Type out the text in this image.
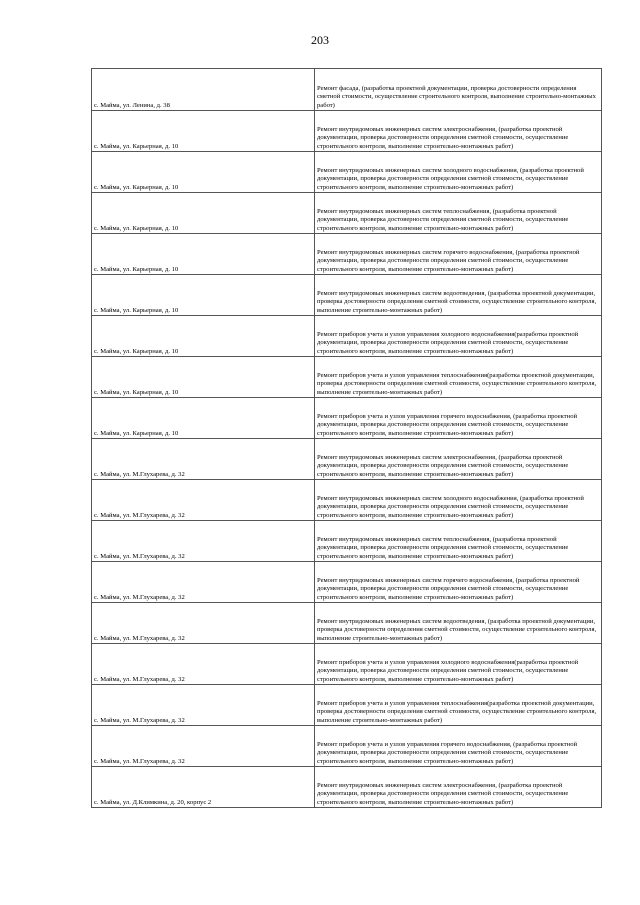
203
с. Майма, ул. Ленина, д. 38	Ремонт фасада, (разработка проектной документации, проверка достоверности определения сметной стоимости, осуществление строительного контроля, выполнение строительно-монтажных работ)
с. Майма, ул. Карьерная, д. 10	Ремонт внутридомовых инженерных систем электроснабжения, (разработка проектной документации, проверка достоверности определения сметной стоимости, осуществление строительного контроля, выполнение строительно-монтажных работ)
с. Майма, ул. Карьерная, д. 10	Ремонт внутридомовых инженерных систем холодного водоснабжения, (разработка проектной документации, проверка достоверности определения сметной стоимости, осуществление строительного контроля, выполнение строительно-монтажных работ)
с. Майма, ул. Карьерная, д. 10	Ремонт внутридомовых инженерных систем теплоснабжения, (разработка проектной документации, проверка достоверности определения сметной стоимости, осуществление строительного контроля, выполнение строительно-монтажных работ)
с. Майма, ул. Карьерная, д. 10	Ремонт внутридомовых инженерных систем горячего водоснабжения, (разработка проектной документации, проверка достоверности определения сметной стоимости, осуществление строительного контроля, выполнение строительно-монтажных работ)
с. Майма, ул. Карьерная, д. 10	Ремонт внутридомовых инженерных систем водоотведения, (разработка проектной документации, проверка достоверности определения сметной стоимости, осуществление строительного контроля, выполнение строительно-монтажных работ)
с. Майма, ул. Карьерная, д. 10	Ремонт приборов учета и узлов управления холодного водоснабжения(разработка проектной документации, проверка достоверности определения сметной стоимости, осуществление строительного контроля, выполнение строительно-монтажных работ)
с. Майма, ул. Карьерная, д. 10	Ремонт приборов учета и узлов управления теплоснабжения(разработка проектной документации, проверка достоверности определения сметной стоимости, осуществление строительного контроля, выполнение строительно-монтажных работ)
с. Майма, ул. Карьерная, д. 10	Ремонт приборов учета и узлов управления горячего водоснабжения, (разработка проектной документации, проверка достоверности определения сметной стоимости, осуществление строительного контроля, выполнение строительно-монтажных работ)
с. Майма, ул. М.Глухарева, д. 32	Ремонт внутридомовых инженерных систем электроснабжения, (разработка проектной документации, проверка достоверности определения сметной стоимости, осуществление строительного контроля, выполнение строительно-монтажных работ)
с. Майма, ул. М.Глухарева, д. 32	Ремонт внутридомовых инженерных систем холодного водоснабжения, (разработка проектной документации, проверка достоверности определения сметной стоимости, осуществление строительного контроля, выполнение строительно-монтажных работ)
с. Майма, ул. М.Глухарева, д. 32	Ремонт внутридомовых инженерных систем теплоснабжения, (разработка проектной документации, проверка достоверности определения сметной стоимости, осуществление строительного контроля, выполнение строительно-монтажных работ)
с. Майма, ул. М.Глухарева, д. 32	Ремонт внутридомовых инженерных систем горячего водоснабжения, (разработка проектной документации, проверка достоверности определения сметной стоимости, осуществление строительного контроля, выполнение строительно-монтажных работ)
с. Майма, ул. М.Глухарева, д. 32	Ремонт внутридомовых инженерных систем водоотведения, (разработка проектной документации, проверка достоверности определения сметной стоимости, осуществление строительного контроля, выполнение строительно-монтажных работ)
с. Майма, ул. М.Глухарева, д. 32	Ремонт приборов учета и узлов управления холодного водоснабжения(разработка проектной документации, проверка достоверности определения сметной стоимости, осуществление строительного контроля, выполнение строительно-монтажных работ)
с. Майма, ул. М.Глухарева, д. 32	Ремонт приборов учета и узлов управления теплоснабжения(разработка проектной документации, проверка достоверности определения сметной стоимости, осуществление строительного контроля, выполнение строительно-монтажных работ)
с. Майма, ул. М.Глухарева, д. 32	Ремонт приборов учета и узлов управления горячего водоснабжения, (разработка проектной документации, проверка достоверности определения сметной стоимости, осуществление строительного контроля, выполнение строительно-монтажных работ)
с. Майма, ул. Д.Климкина, д. 20, корпус 2	Ремонт внутридомовых инженерных систем электроснабжения, (разработка проектной документации, проверка достоверности определения сметной стоимости, осуществление строительного контроля, выполнение строительно-монтажных работ)
